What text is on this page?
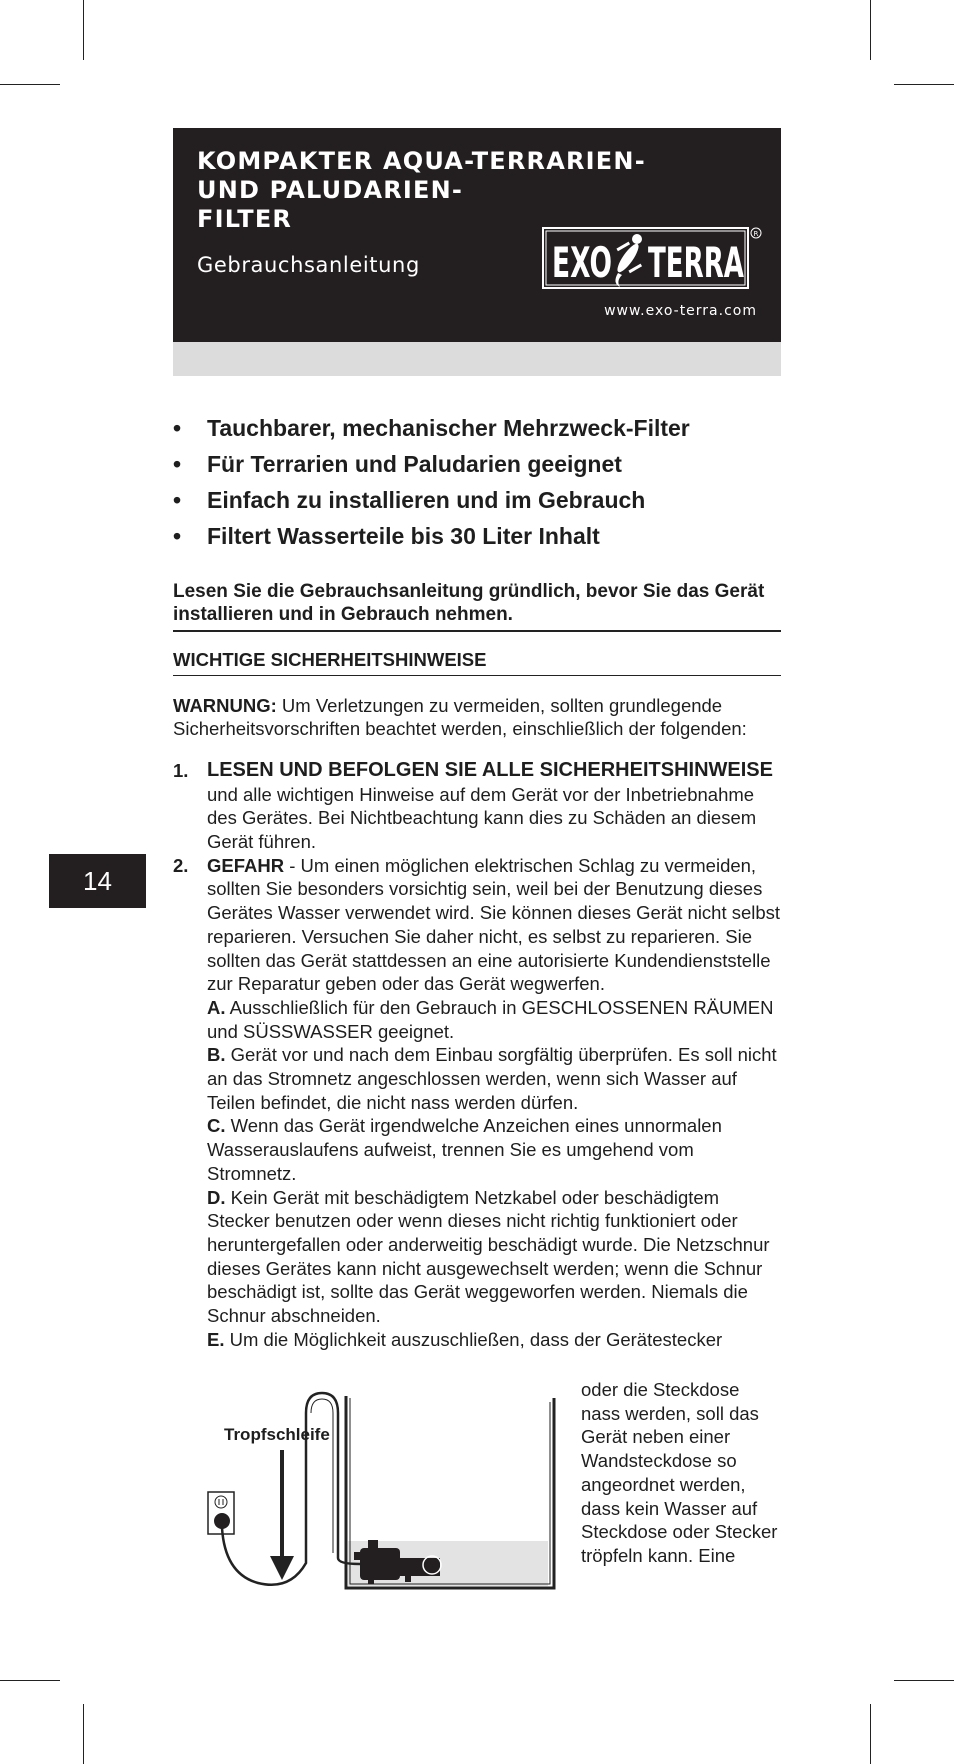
KOMPAKTER AQUA-TERRARIEN-
UND PALUDARIEN-
FILTER
Gebrauchsanleitung	EXO TERRA
R
www.exo-terra.com
• Tauchbarer, mechanischer Mehrzweck-Filter
• Für Terrarien und Paludarien geeignet
• Einfach zu installieren und im Gebrauch
• Filtert Wasserteile bis 30 Liter Inhalt

Lesen Sie die Gebrauchsanleitung gründlich, bevor Sie das Gerät installieren und in Gebrauch nehmen.

WICHTIGE SICHERHEITSHINWEISE

WARNUNG: Um Verletzungen zu vermeiden, sollten grundlegende Sicherheitsvorschriften beachtet werden, einschließlich der folgenden:

1. LESEN UND BEFOLGEN SIE ALLE SICHERHEITSHINWEISE
und alle wichtigen Hinweise auf dem Gerät vor der Inbetriebnahme des Gerätes. Bei Nichtbeachtung kann dies zu Schäden an diesem Gerät führen.
2. GEFAHR - Um einen möglichen elektrischen Schlag zu vermeiden, sollten Sie besonders vorsichtig sein, weil bei der Benutzung dieses Gerätes Wasser verwendet wird. Sie können dieses Gerät nicht selbst reparieren. Versuchen Sie daher nicht, es selbst zu reparieren. Sie sollten das Gerät stattdessen an eine autorisierte Kundendienststelle zur Reparatur geben oder das Gerät wegwerfen.
A. Ausschließlich für den Gebrauch in GESCHLOSSENEN RÄUMEN und SÜSSWASSER geeignet.
B. Gerät vor und nach dem Einbau sorgfältig überprüfen. Es soll nicht an das Stromnetz angeschlossen werden, wenn sich Wasser auf Teilen befindet, die nicht nass werden dürfen.
C. Wenn das Gerät irgendwelche Anzeichen eines unnormalen Wasserauslaufens aufweist, trennen Sie es umgehend vom Stromnetz.
D. Kein Gerät mit beschädigtem Netzkabel oder beschädigtem Stecker benutzen oder wenn dieses nicht richtig funktioniert oder heruntergefallen oder anderweitig beschädigt wurde. Die Netzschnur dieses Gerätes kann nicht ausgewechselt werden; wenn die Schnur beschädigt ist, sollte das Gerät weggeworfen werden. Niemals die Schnur abschneiden.
E. Um die Möglichkeit auszuschließen, dass der Gerätestecker
14
Tropfschleife
oder die Steckdose nass werden, soll das Gerät neben einer Wandsteckdose so angeordnet werden, dass kein Wasser auf Steckdose oder Stecker tröpfeln kann. Eine
